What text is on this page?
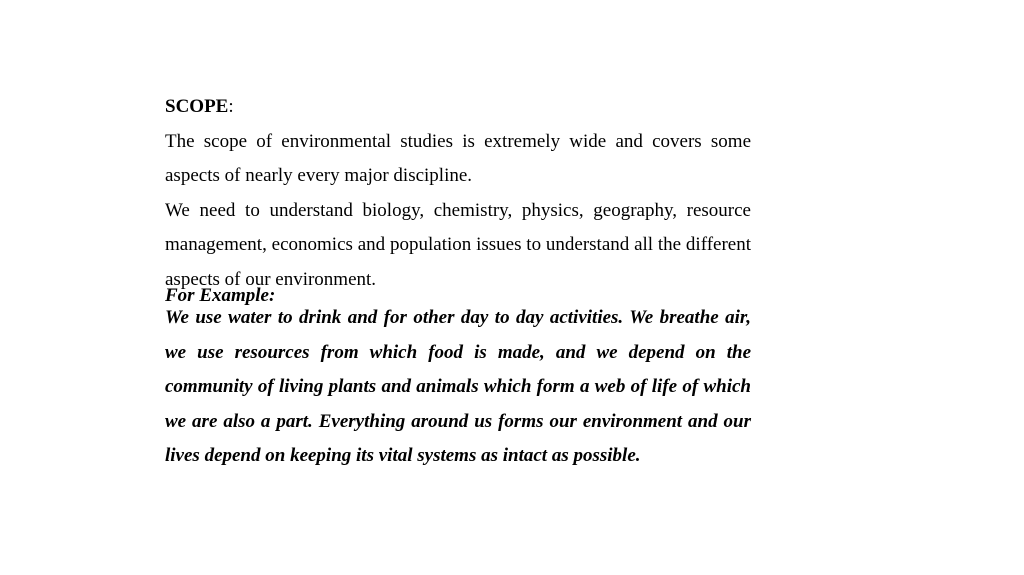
SCOPE:

The scope of environmental studies is extremely wide and covers some aspects of nearly every major discipline.

We need to understand biology, chemistry, physics, geography, resource management, economics and population issues to understand all the different aspects of our environment.

For Example:

We use water to drink and for other day to day activities. We breathe air, we use resources from which food is made, and we depend on the community of living plants and animals which form a web of life of which we are also a part. Everything around us forms our environment and our lives depend on keeping its vital systems as intact as possible.
